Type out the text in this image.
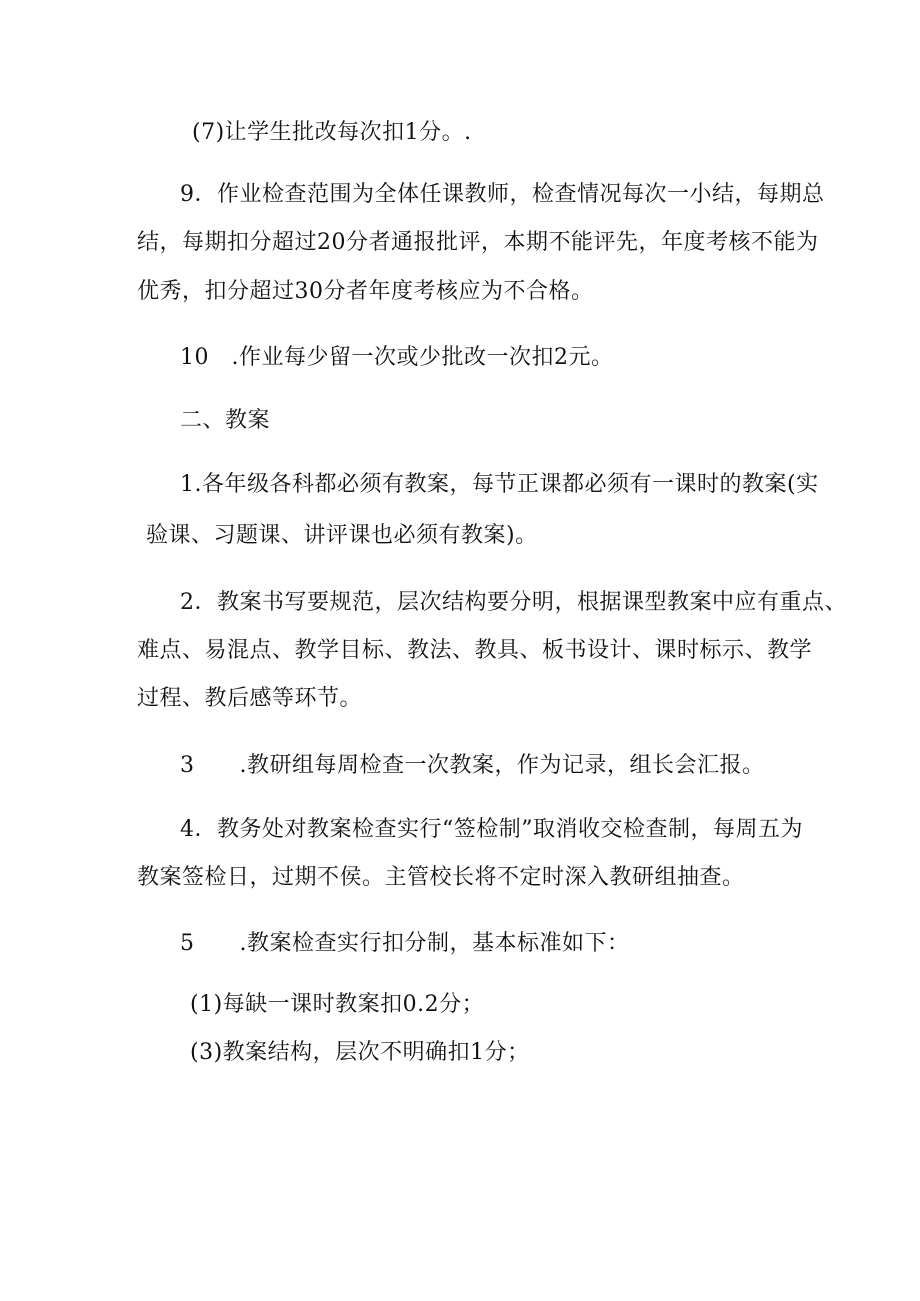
(7)让学生批改每次扣1分。.
9．作业检查范围为全体任课教师，检查情况每次一小结，每期总
结，每期扣分超过20分者通报批评，本期不能评先，年度考核不能为
优秀，扣分超过30分者年度考核应为不合格。
10　.作业每少留一次或少批改一次扣2元。
二、教案
1.各年级各科都必须有教案，每节正课都必须有一课时的教案(实
验课、习题课、讲评课也必须有教案)。
2．教案书写要规范，层次结构要分明，根据课型教案中应有重点、
难点、易混点、教学目标、教法、教具、板书设计、课时标示、教学
过程、教后感等环节。
3　　.教研组每周检查一次教案，作为记录，组长会汇报。
4．教务处对教案检查实行“签检制”取消收交检查制，每周五为
教案签检日，过期不侯。主管校长将不定时深入教研组抽查。
5　　.教案检查实行扣分制，基本标准如下：
(1)每缺一课时教案扣0.2分；
(3)教案结构，层次不明确扣1分；
